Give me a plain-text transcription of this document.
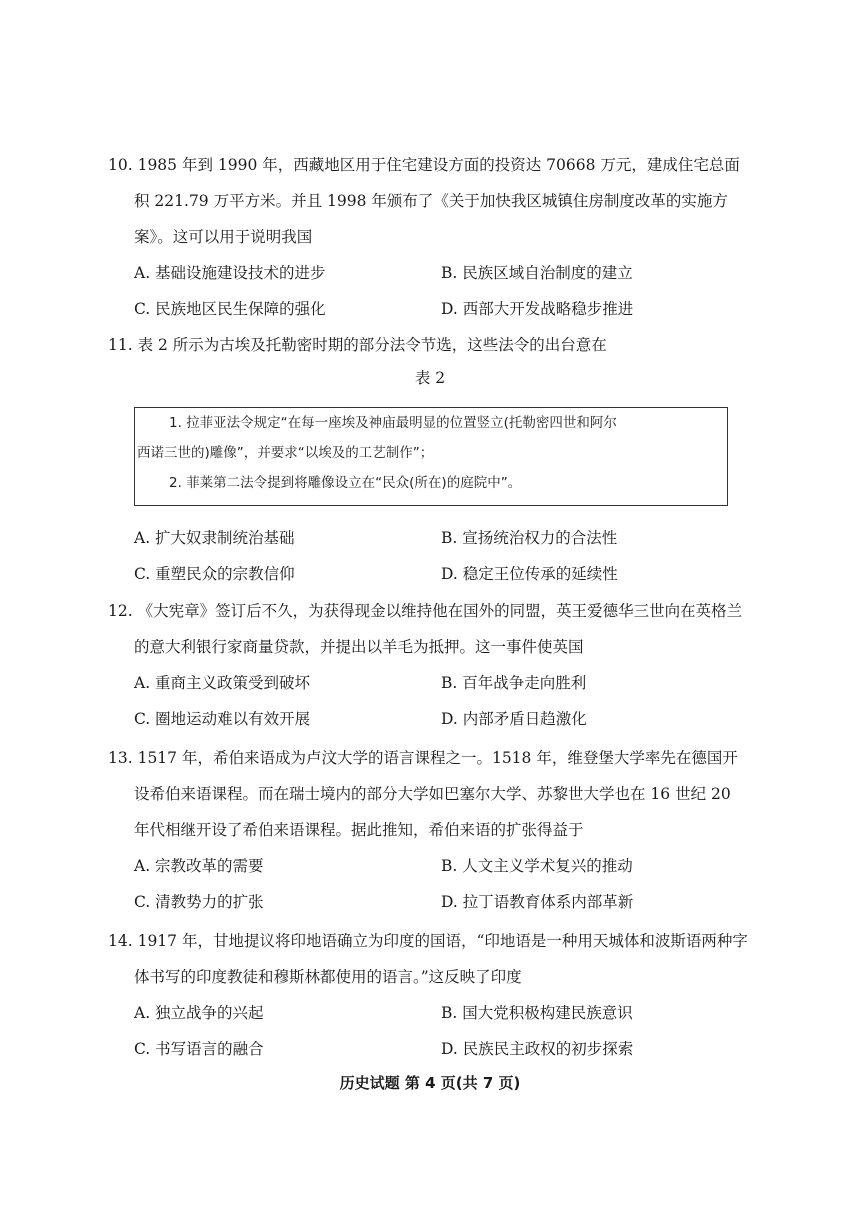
10. 1985 年到 1990 年，西藏地区用于住宅建设方面的投资达 70668 万元，建成住宅总面积 221.79 万平方米。并且 1998 年颁布了《关于加快我区城镇住房制度改革的实施方案》。这可以用于说明我国

A. 基础设施建设技术的进步	B. 民族区域自治制度的建立
C. 民族地区民生保障的强化	D. 西部大开发战略稳步推进

11. 表 2 所示为古埃及托勒密时期的部分法令节选，这些法令的出台意在

表 2

1. 拉菲亚法令规定“在每一座埃及神庙最明显的位置竖立(托勒密四世和阿尔

西诺三世的)雕像”，并要求“以埃及的工艺制作”；

2. 菲莱第二法令提到将雕像设立在“民众(所在)的庭院中”。

A. 扩大奴隶制统治基础	B. 宣扬统治权力的合法性
C. 重塑民众的宗教信仰	D. 稳定王位传承的延续性

12. 《大宪章》签订后不久，为获得现金以维持他在国外的同盟，英王爱德华三世向在英格兰的意大利银行家商量贷款，并提出以羊毛为抵押。这一事件使英国

A. 重商主义政策受到破坏	B. 百年战争走向胜利
C. 圈地运动难以有效开展	D. 内部矛盾日趋激化

13. 1517 年，希伯来语成为卢汶大学的语言课程之一。1518 年，维登堡大学率先在德国开设希伯来语课程。而在瑞士境内的部分大学如巴塞尔大学、苏黎世大学也在 16 世纪 20 年代相继开设了希伯来语课程。据此推知，希伯来语的扩张得益于

A. 宗教改革的需要	B. 人文主义学术复兴的推动
C. 清教势力的扩张	D. 拉丁语教育体系内部革新

14. 1917 年，甘地提议将印地语确立为印度的国语，“印地语是一种用天城体和波斯语两种字体书写的印度教徒和穆斯林都使用的语言。”这反映了印度

A. 独立战争的兴起	B. 国大党积极构建民族意识
C. 书写语言的融合	D. 民族民主政权的初步探索
历史试题 第 4 页(共 7 页)
